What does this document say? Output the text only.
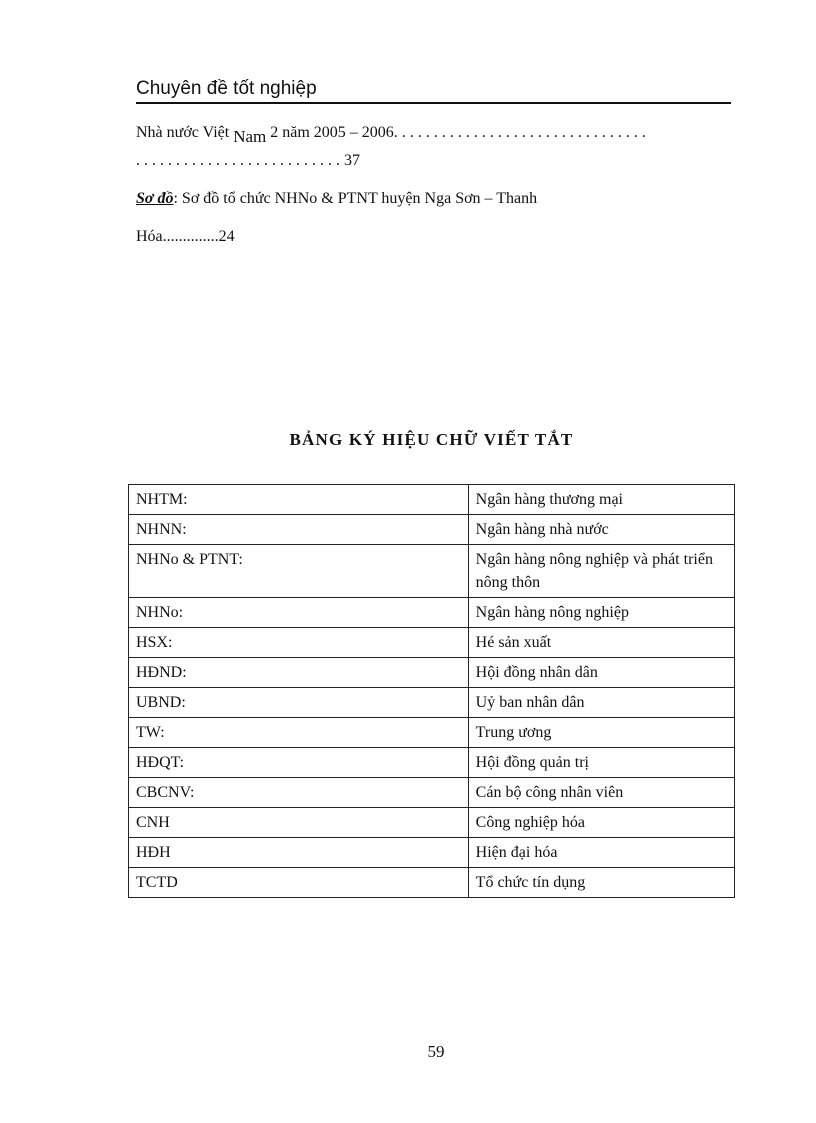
Chuyên đề tốt nghiệp
Nhà nước Việt Nam 2 năm 2005 – 2006. . . . . . . . . . . . . . . . . . . . . . . . . . . . . . . .
. . . . . . . . . . . . . . . . . . . . . . . . . . 37
Sơ đồ: Sơ đồ tổ chức NHNo & PTNT huyện Nga Sơn – Thanh
Hóa..............24
BẢNG KÝ HIỆU CHỮ VIẾT TẮT
NHTM:	Ngân hàng thương mại
NHNN:	Ngân hàng nhà nước
NHNo & PTNT:	Ngân hàng nông nghiệp và phát triển nông thôn
NHNo:	Ngân hàng nông nghiệp
HSX:	Hé sản xuất
HĐND:	Hội đồng nhân dân
UBND:	Uỷ ban nhân dân
TW:	Trung ương
HĐQT:	Hội đồng quản trị
CBCNV:	Cán bộ công nhân viên
CNH	Công nghiệp hóa
HĐH	Hiện đại hóa
TCTD	Tổ chức tín dụng
59
